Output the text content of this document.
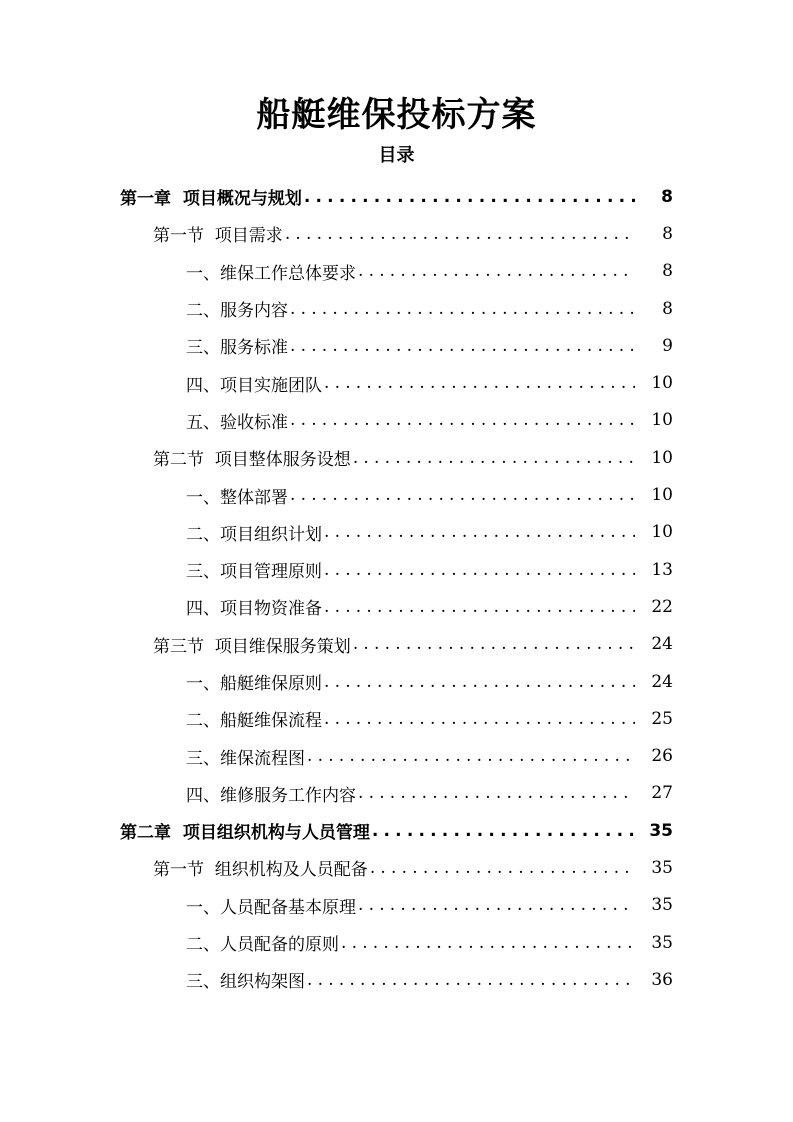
船艇维保投标方案
目录
第一章  项目概况与规划 .....	8
第一节  项目需求 .....	8
一、维保工作总体要求 .....	8
二、服务内容 .....	8
三、服务标准 .....	9
四、项目实施团队 .....	10
五、验收标准 .....	10
第二节  项目整体服务设想 .....	10
一、整体部署 .....	10
二、项目组织计划 .....	10
三、项目管理原则 .....	13
四、项目物资准备 .....	22
第三节  项目维保服务策划 .....	24
一、船艇维保原则 .....	24
二、船艇维保流程 .....	25
三、维保流程图 .....	26
四、维修服务工作内容 .....	27
第二章  项目组织机构与人员管理 .....	35
第一节  组织机构及人员配备 .....	35
一、人员配备基本原理 .....	35
二、人员配备的原则 .....	35
三、组织构架图 .....	36
